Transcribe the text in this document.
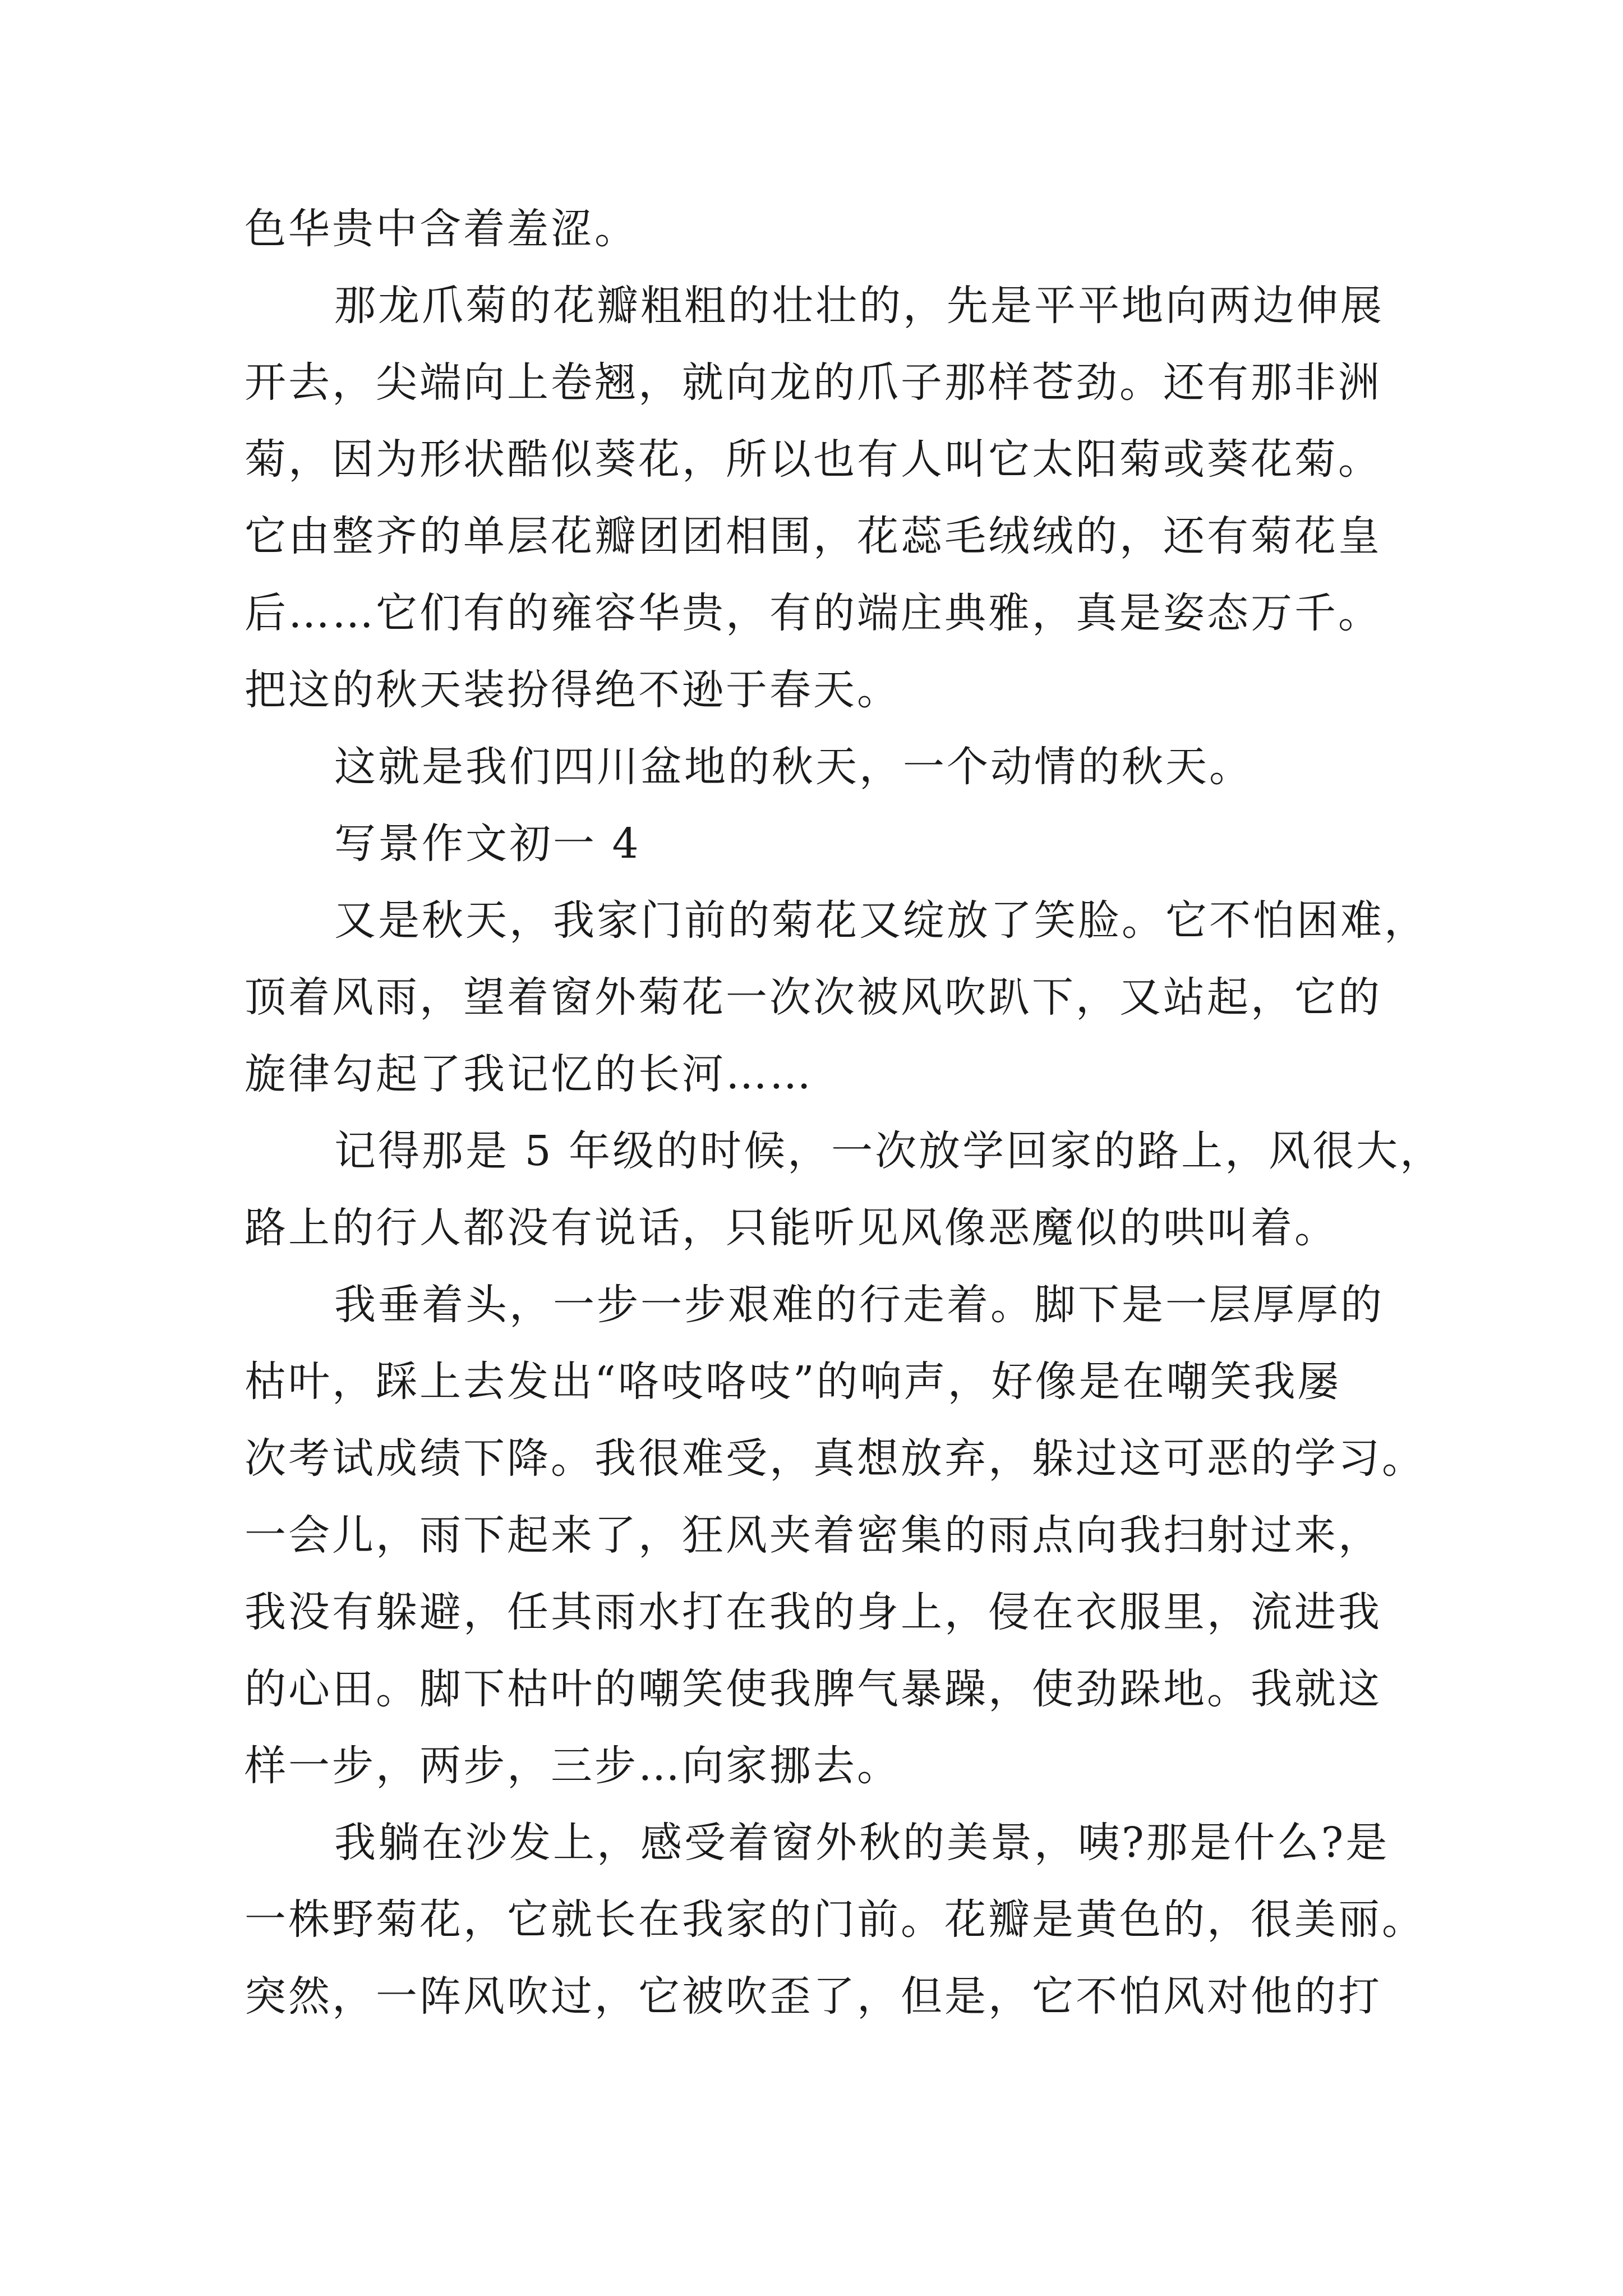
色华贵中含着羞涩。
那龙爪菊的花瓣粗粗的壮壮的，先是平平地向两边伸展
开去，尖端向上卷翘，就向龙的爪子那样苍劲。还有那非洲
菊，因为形状酷似葵花，所以也有人叫它太阳菊或葵花菊。
它由整齐的单层花瓣团团相围，花蕊毛绒绒的，还有菊花皇
后……它们有的雍容华贵，有的端庄典雅，真是姿态万千。
把这的秋天装扮得绝不逊于春天。
这就是我们四川盆地的秋天，一个动情的秋天。
写景作文初一 4
又是秋天，我家门前的菊花又绽放了笑脸。它不怕困难，
顶着风雨，望着窗外菊花一次次被风吹趴下，又站起，它的
旋律勾起了我记忆的长河……
记得那是 5 年级的时候，一次放学回家的路上，风很大，
路上的行人都没有说话，只能听见风像恶魔似的哄叫着。
我垂着头，一步一步艰难的行走着。脚下是一层厚厚的
枯叶，踩上去发出“咯吱咯吱”的响声，好像是在嘲笑我屡
次考试成绩下降。我很难受，真想放弃，躲过这可恶的学习。
一会儿，雨下起来了，狂风夹着密集的雨点向我扫射过来，
我没有躲避，任其雨水打在我的身上，侵在衣服里，流进我
的心田。脚下枯叶的嘲笑使我脾气暴躁，使劲跺地。我就这
样一步，两步，三步…向家挪去。
我躺在沙发上，感受着窗外秋的美景，咦?那是什么?是
一株野菊花，它就长在我家的门前。花瓣是黄色的，很美丽。
突然，一阵风吹过，它被吹歪了，但是，它不怕风对他的打
